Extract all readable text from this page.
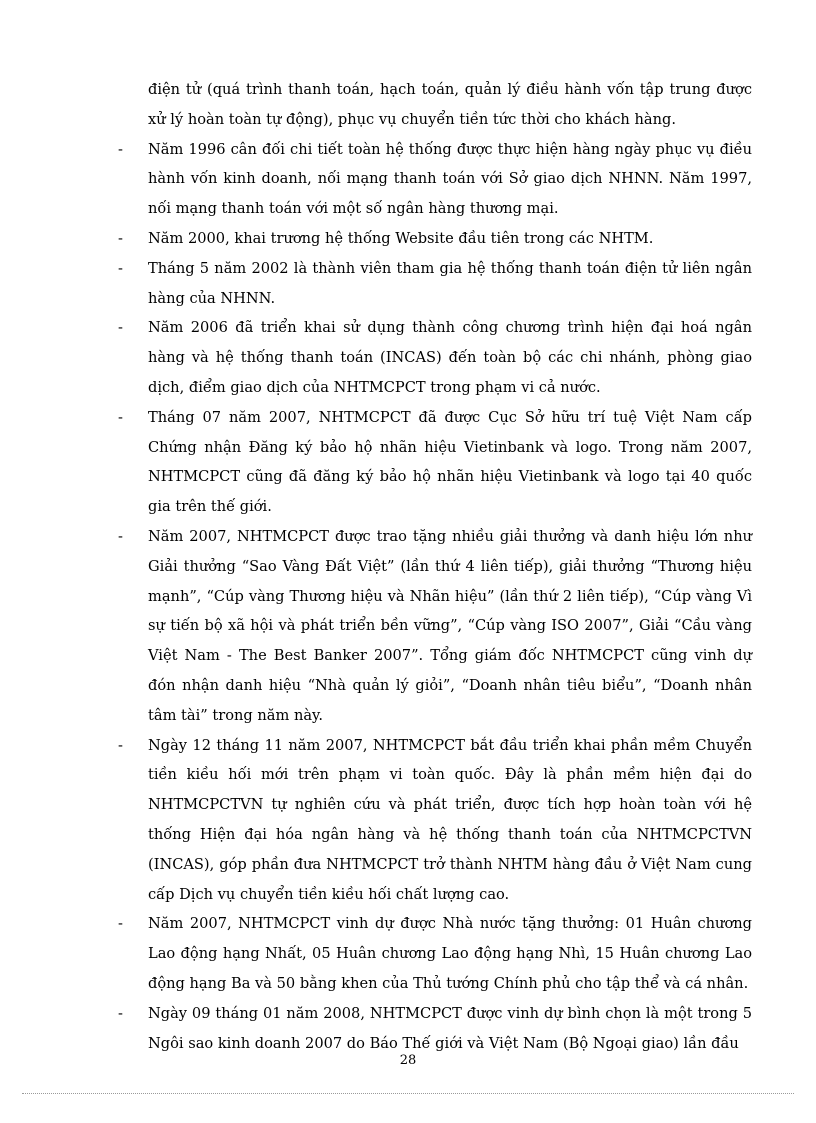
điện tử (quá trình thanh toán, hạch toán, quản lý điều hành vốn tập trung được xử lý hoàn toàn tự động), phục vụ chuyển tiền tức thời cho khách hàng.
- Năm 1996 cân đối chi tiết toàn hệ thống được thực hiện hàng ngày phục vụ điều hành vốn kinh doanh, nối mạng thanh toán với Sở giao dịch NHNN. Năm 1997, nối mạng thanh toán với một số ngân hàng thương mại.
- Năm 2000, khai trương hệ thống Website đầu tiên trong các NHTM.
- Tháng 5 năm 2002 là thành viên tham gia hệ thống thanh toán điện tử liên ngân hàng của NHNN.
- Năm 2006 đã triển khai sử dụng thành công chương trình hiện đại hoá ngân hàng và hệ thống thanh toán (INCAS) đến toàn bộ các chi nhánh, phòng giao dịch, điểm giao dịch của NHTMCPCT trong phạm vi cả nước.
- Tháng 07 năm 2007, NHTMCPCT đã được Cục Sở hữu trí tuệ Việt Nam cấp Chứng nhận Đăng ký bảo hộ nhãn hiệu Vietinbank và logo. Trong năm 2007, NHTMCPCT cũng đã đăng ký bảo hộ nhãn hiệu Vietinbank và logo tại 40 quốc gia trên thế giới.
- Năm 2007, NHTMCPCT được trao tặng nhiều giải thưởng và danh hiệu lớn như Giải thưởng “Sao Vàng Đất Việt” (lần thứ 4 liên tiếp), giải thưởng “Thương hiệu mạnh”, “Cúp vàng Thương hiệu và Nhãn hiệu” (lần thứ 2 liên tiếp), “Cúp vàng Vì sự tiến bộ xã hội và phát triển bền vững”, “Cúp vàng ISO 2007”, Giải “Cầu vàng Việt Nam - The Best Banker 2007”. Tổng giám đốc NHTMCPCT cũng vinh dự đón nhận danh hiệu “Nhà quản lý giỏi”, “Doanh nhân tiêu biểu”, “Doanh nhân tâm tài” trong năm này.
- Ngày 12 tháng 11 năm 2007, NHTMCPCT bắt đầu triển khai phần mềm Chuyển tiền kiều hối mới trên phạm vi toàn quốc. Đây là phần mềm hiện đại do NHTMCPCTVN tự nghiên cứu và phát triển, được tích hợp hoàn toàn với hệ thống Hiện đại hóa ngân hàng và hệ thống thanh toán của NHTMCPCTVN (INCAS), góp phần đưa NHTMCPCT trở thành NHTM hàng đầu ở Việt Nam cung cấp Dịch vụ chuyển tiền kiều hối chất lượng cao.
- Năm 2007, NHTMCPCT vinh dự được Nhà nước tặng thưởng: 01 Huân chương Lao động hạng Nhất, 05 Huân chương Lao động hạng Nhì, 15 Huân chương Lao động hạng Ba và 50 bằng khen của Thủ tướng Chính phủ cho tập thể và cá nhân.
- Ngày 09 tháng 01 năm 2008, NHTMCPCT được vinh dự bình chọn là một trong 5 Ngôi sao kinh doanh 2007 do Báo Thế giới và Việt Nam (Bộ Ngoại giao) lần đầu
28
